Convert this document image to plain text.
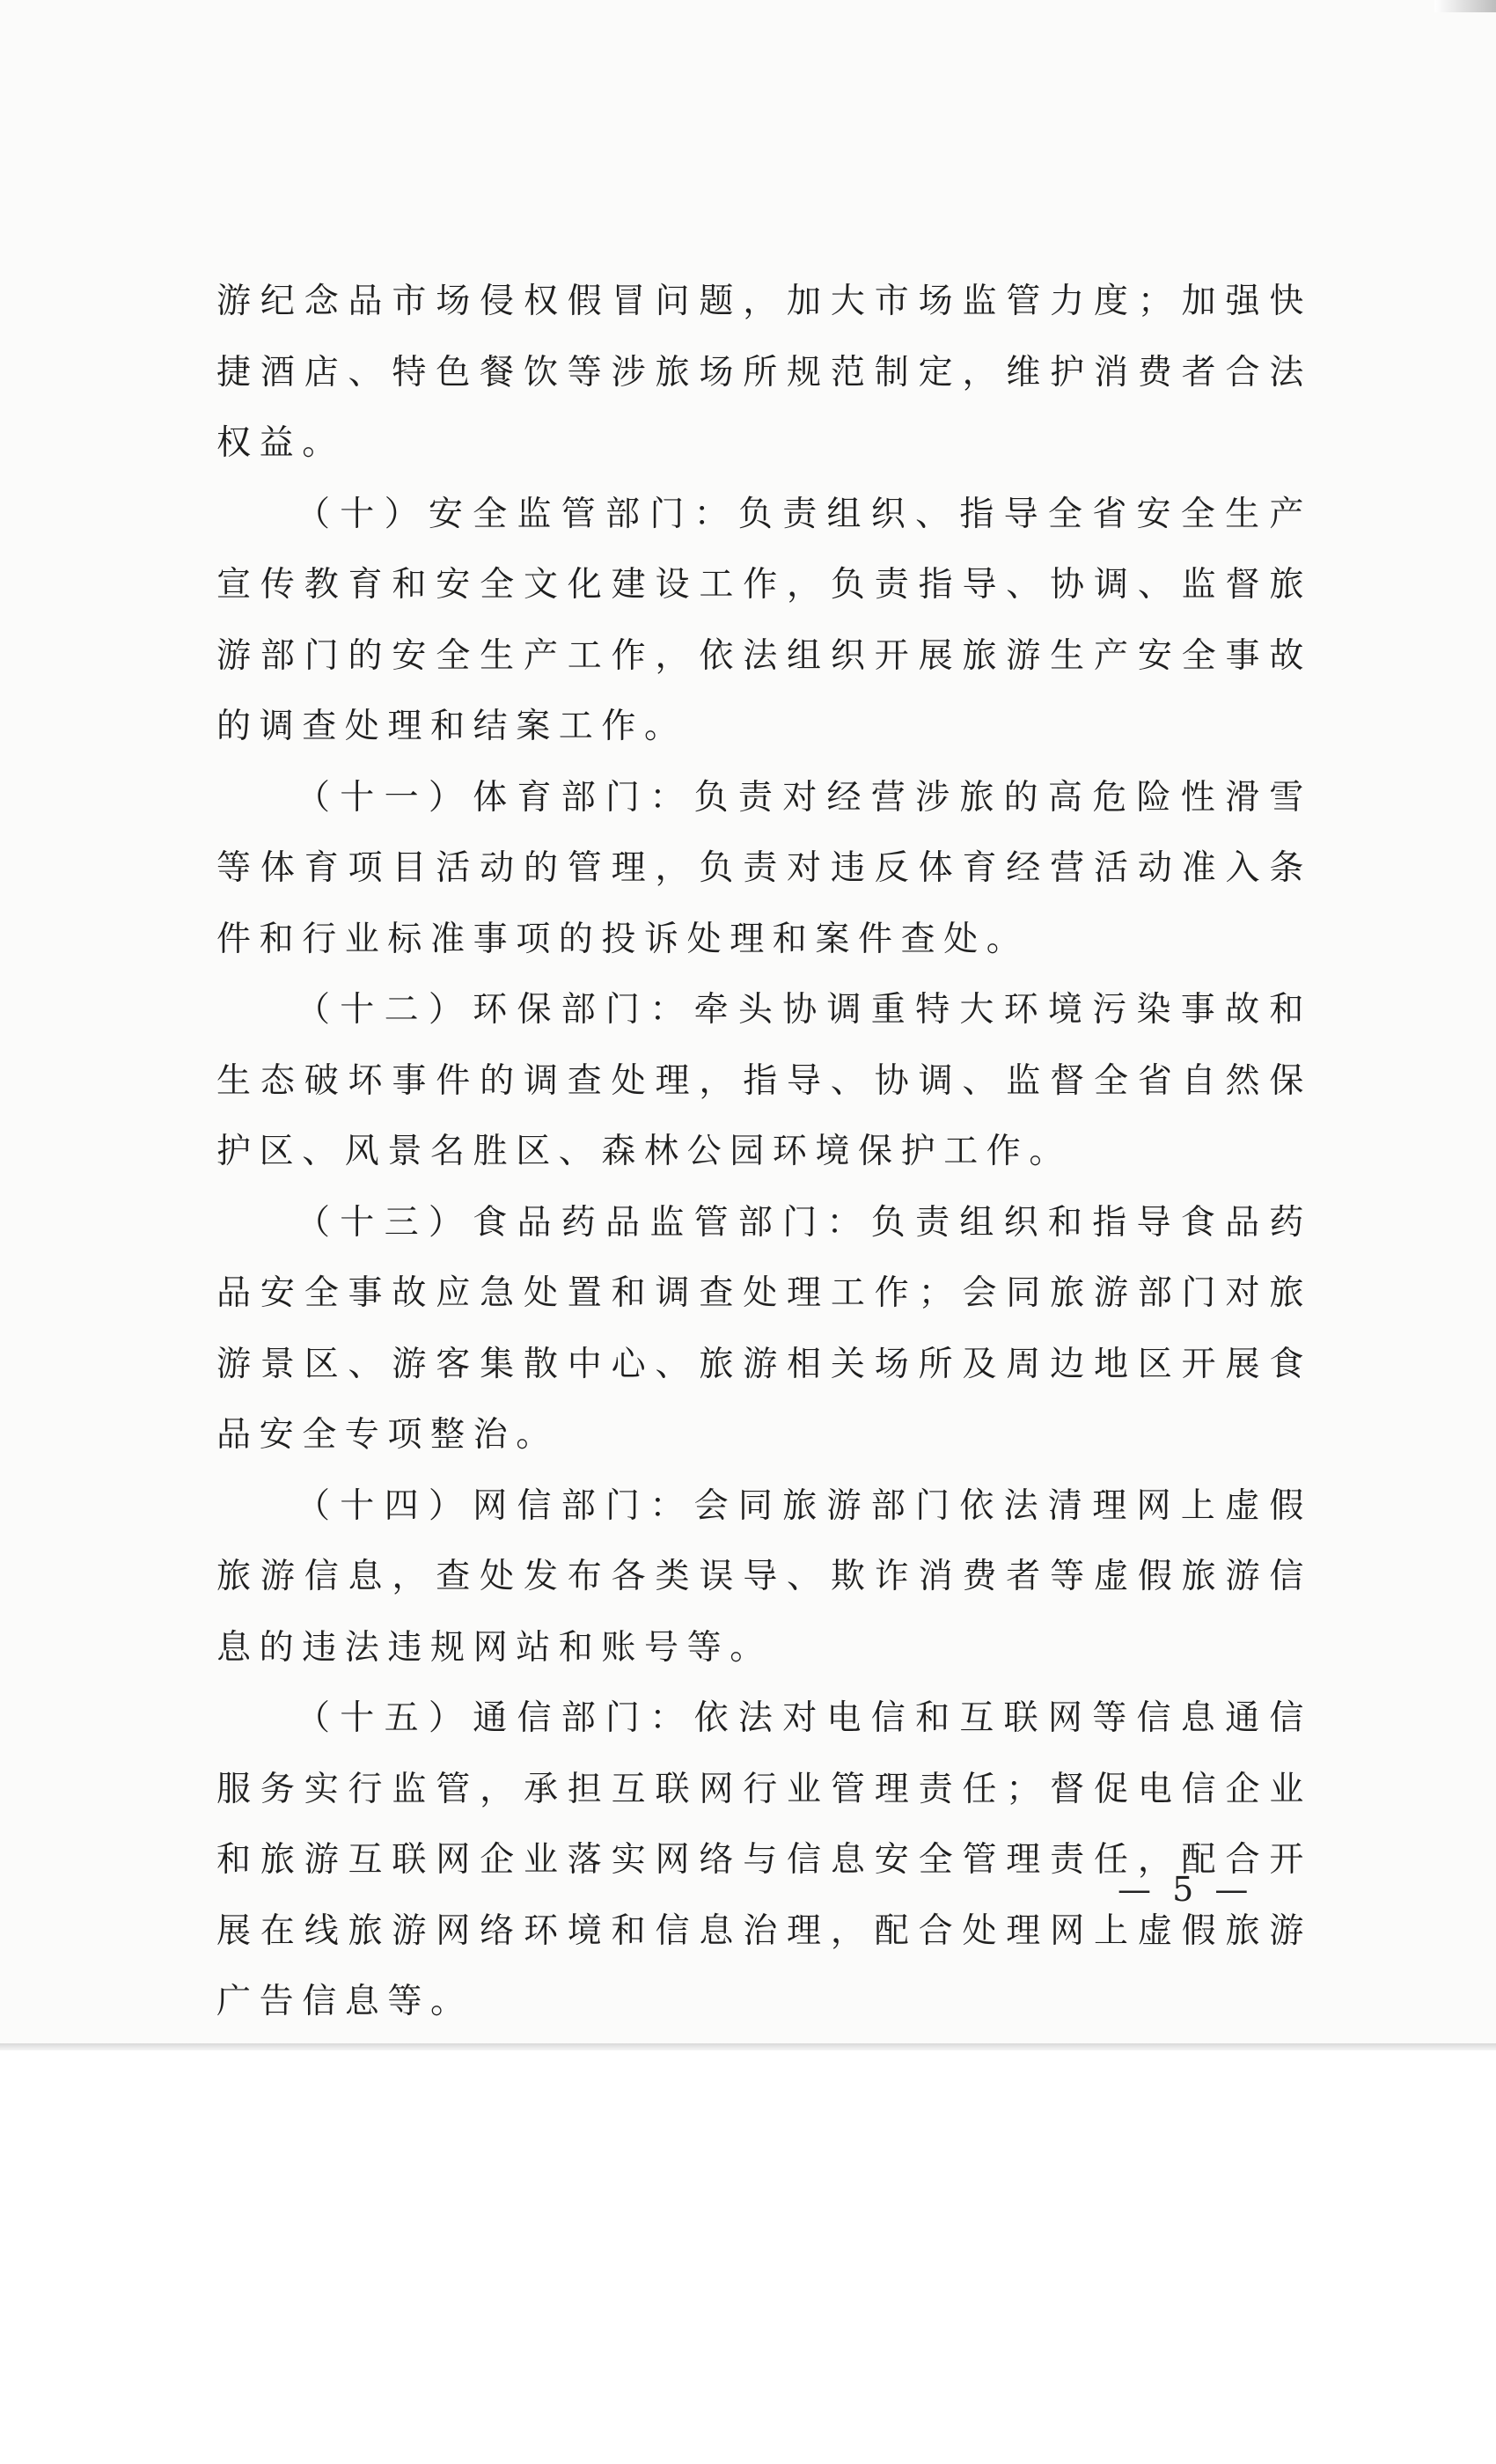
游纪念品市场侵权假冒问题，加大市场监管力度；加强快捷酒店、特色餐饮等涉旅场所规范制定，维护消费者合法权益。

（十）安全监管部门：负责组织、指导全省安全生产宣传教育和安全文化建设工作，负责指导、协调、监督旅游部门的安全生产工作，依法组织开展旅游生产安全事故的调查处理和结案工作。

（十一）体育部门：负责对经营涉旅的高危险性滑雪等体育项目活动的管理，负责对违反体育经营活动准入条件和行业标准事项的投诉处理和案件查处。

（十二）环保部门：牵头协调重特大环境污染事故和生态破坏事件的调查处理，指导、协调、监督全省自然保护区、风景名胜区、森林公园环境保护工作。

（十三）食品药品监管部门：负责组织和指导食品药品安全事故应急处置和调查处理工作；会同旅游部门对旅游景区、游客集散中心、旅游相关场所及周边地区开展食品安全专项整治。

（十四）网信部门：会同旅游部门依法清理网上虚假旅游信息，查处发布各类误导、欺诈消费者等虚假旅游信息的违法违规网站和账号等。

（十五）通信部门：依法对电信和互联网等信息通信服务实行监管，承担互联网行业管理责任；督促电信企业和旅游互联网企业落实网络与信息安全管理责任，配合开展在线旅游网络环境和信息治理，配合处理网上虚假旅游广告信息等。

— 5 —
